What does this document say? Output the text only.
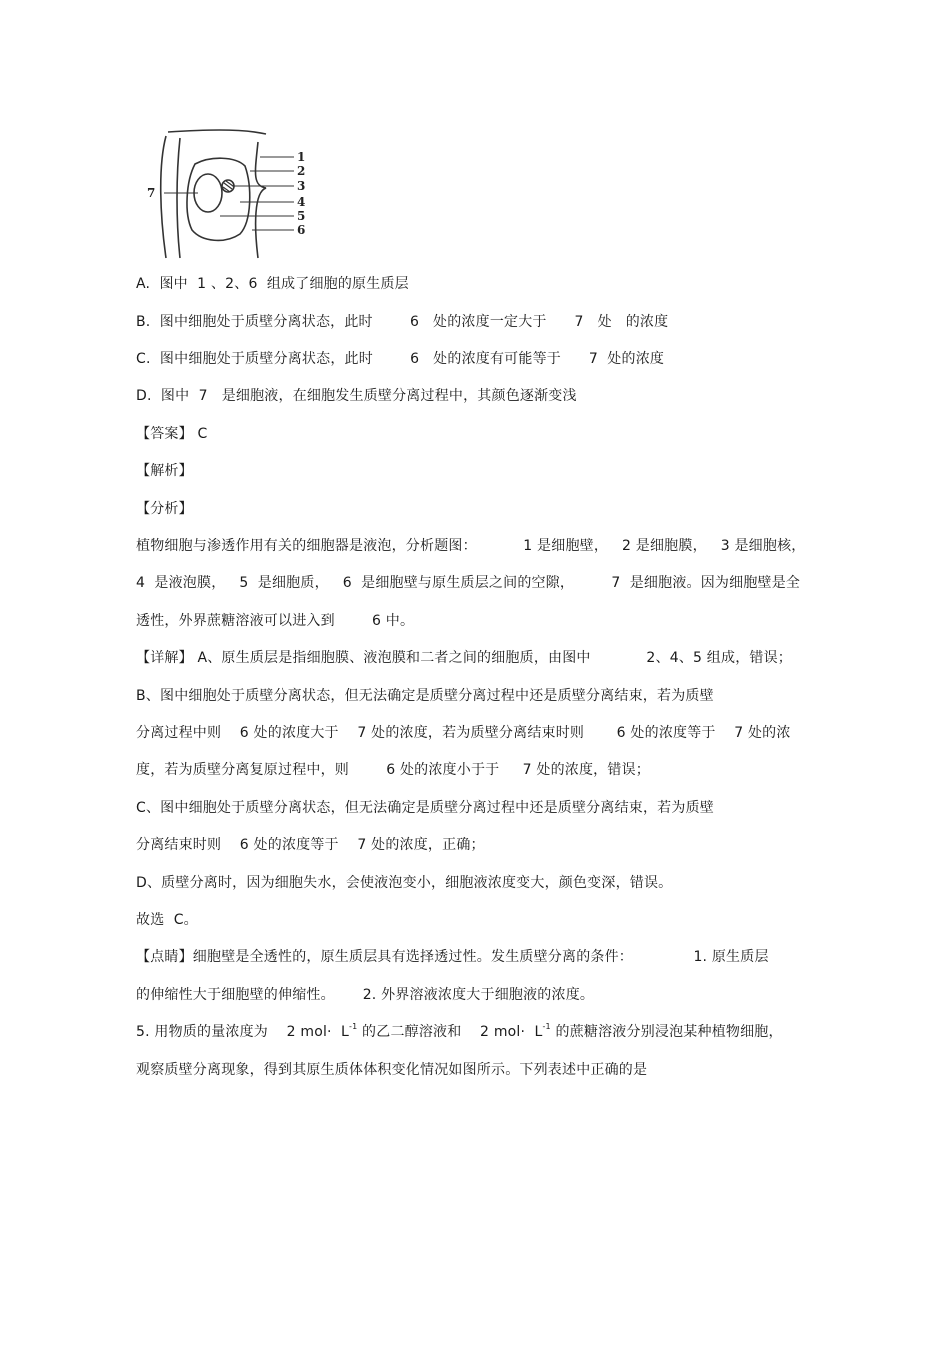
1
2
3
4
5
6
7
A.  图中  1 、2、6  组成了细胞的原生质层
B.  图中细胞处于质壁分离状态，此时        6   处的浓度一定大于      7   处   的浓度
C.  图中细胞处于质壁分离状态，此时        6   处的浓度有可能等于      7  处的浓度
D.  图中  7   是细胞液，在细胞发生质壁分离过程中，其颜色逐渐变浅
【答案】 C
【解析】
【分析】
植物细胞与渗透作用有关的细胞器是液泡，分析题图：          1 是细胞壁，   2 是细胞膜，   3 是细胞核，
4  是液泡膜，   5  是细胞质，   6  是细胞壁与原生质层之间的空隙，        7  是细胞液。因为细胞壁是全
透性，外界蔗糖溶液可以进入到        6 中。
【详解】 A、原生质层是指细胞膜、液泡膜和二者之间的细胞质，由图中            2、4、5 组成，错误；
B、图中细胞处于质壁分离状态，但无法确定是质壁分离过程中还是质壁分离结束，若为质壁
分离过程中则    6 处的浓度大于    7 处的浓度，若为质壁分离结束时则       6 处的浓度等于    7 处的浓
度，若为质壁分离复原过程中，则        6 处的浓度小于于     7 处的浓度，错误；
C、图中细胞处于质壁分离状态，但无法确定是质壁分离过程中还是质壁分离结束，若为质壁
分离结束时则    6 处的浓度等于    7 处的浓度，正确；
D、质壁分离时，因为细胞失水，会使液泡变小，细胞液浓度变大，颜色变深，错误。
故选  C。
【点睛】细胞壁是全透性的，原生质层具有选择透过性。发生质壁分离的条件：             1. 原生质层
的伸缩性大于细胞壁的伸缩性。      2. 外界溶液浓度大于细胞液的浓度。
5. 用物质的量浓度为    2 $mol\cdot L^{-1}$ 的乙二醇溶液和    2 $mol\cdot L^{-1}$ 的蔗糖溶液分别浸泡某种植物细胞，
观察质壁分离现象，得到其原生质体体积变化情况如图所示。下列表述中正确的是
